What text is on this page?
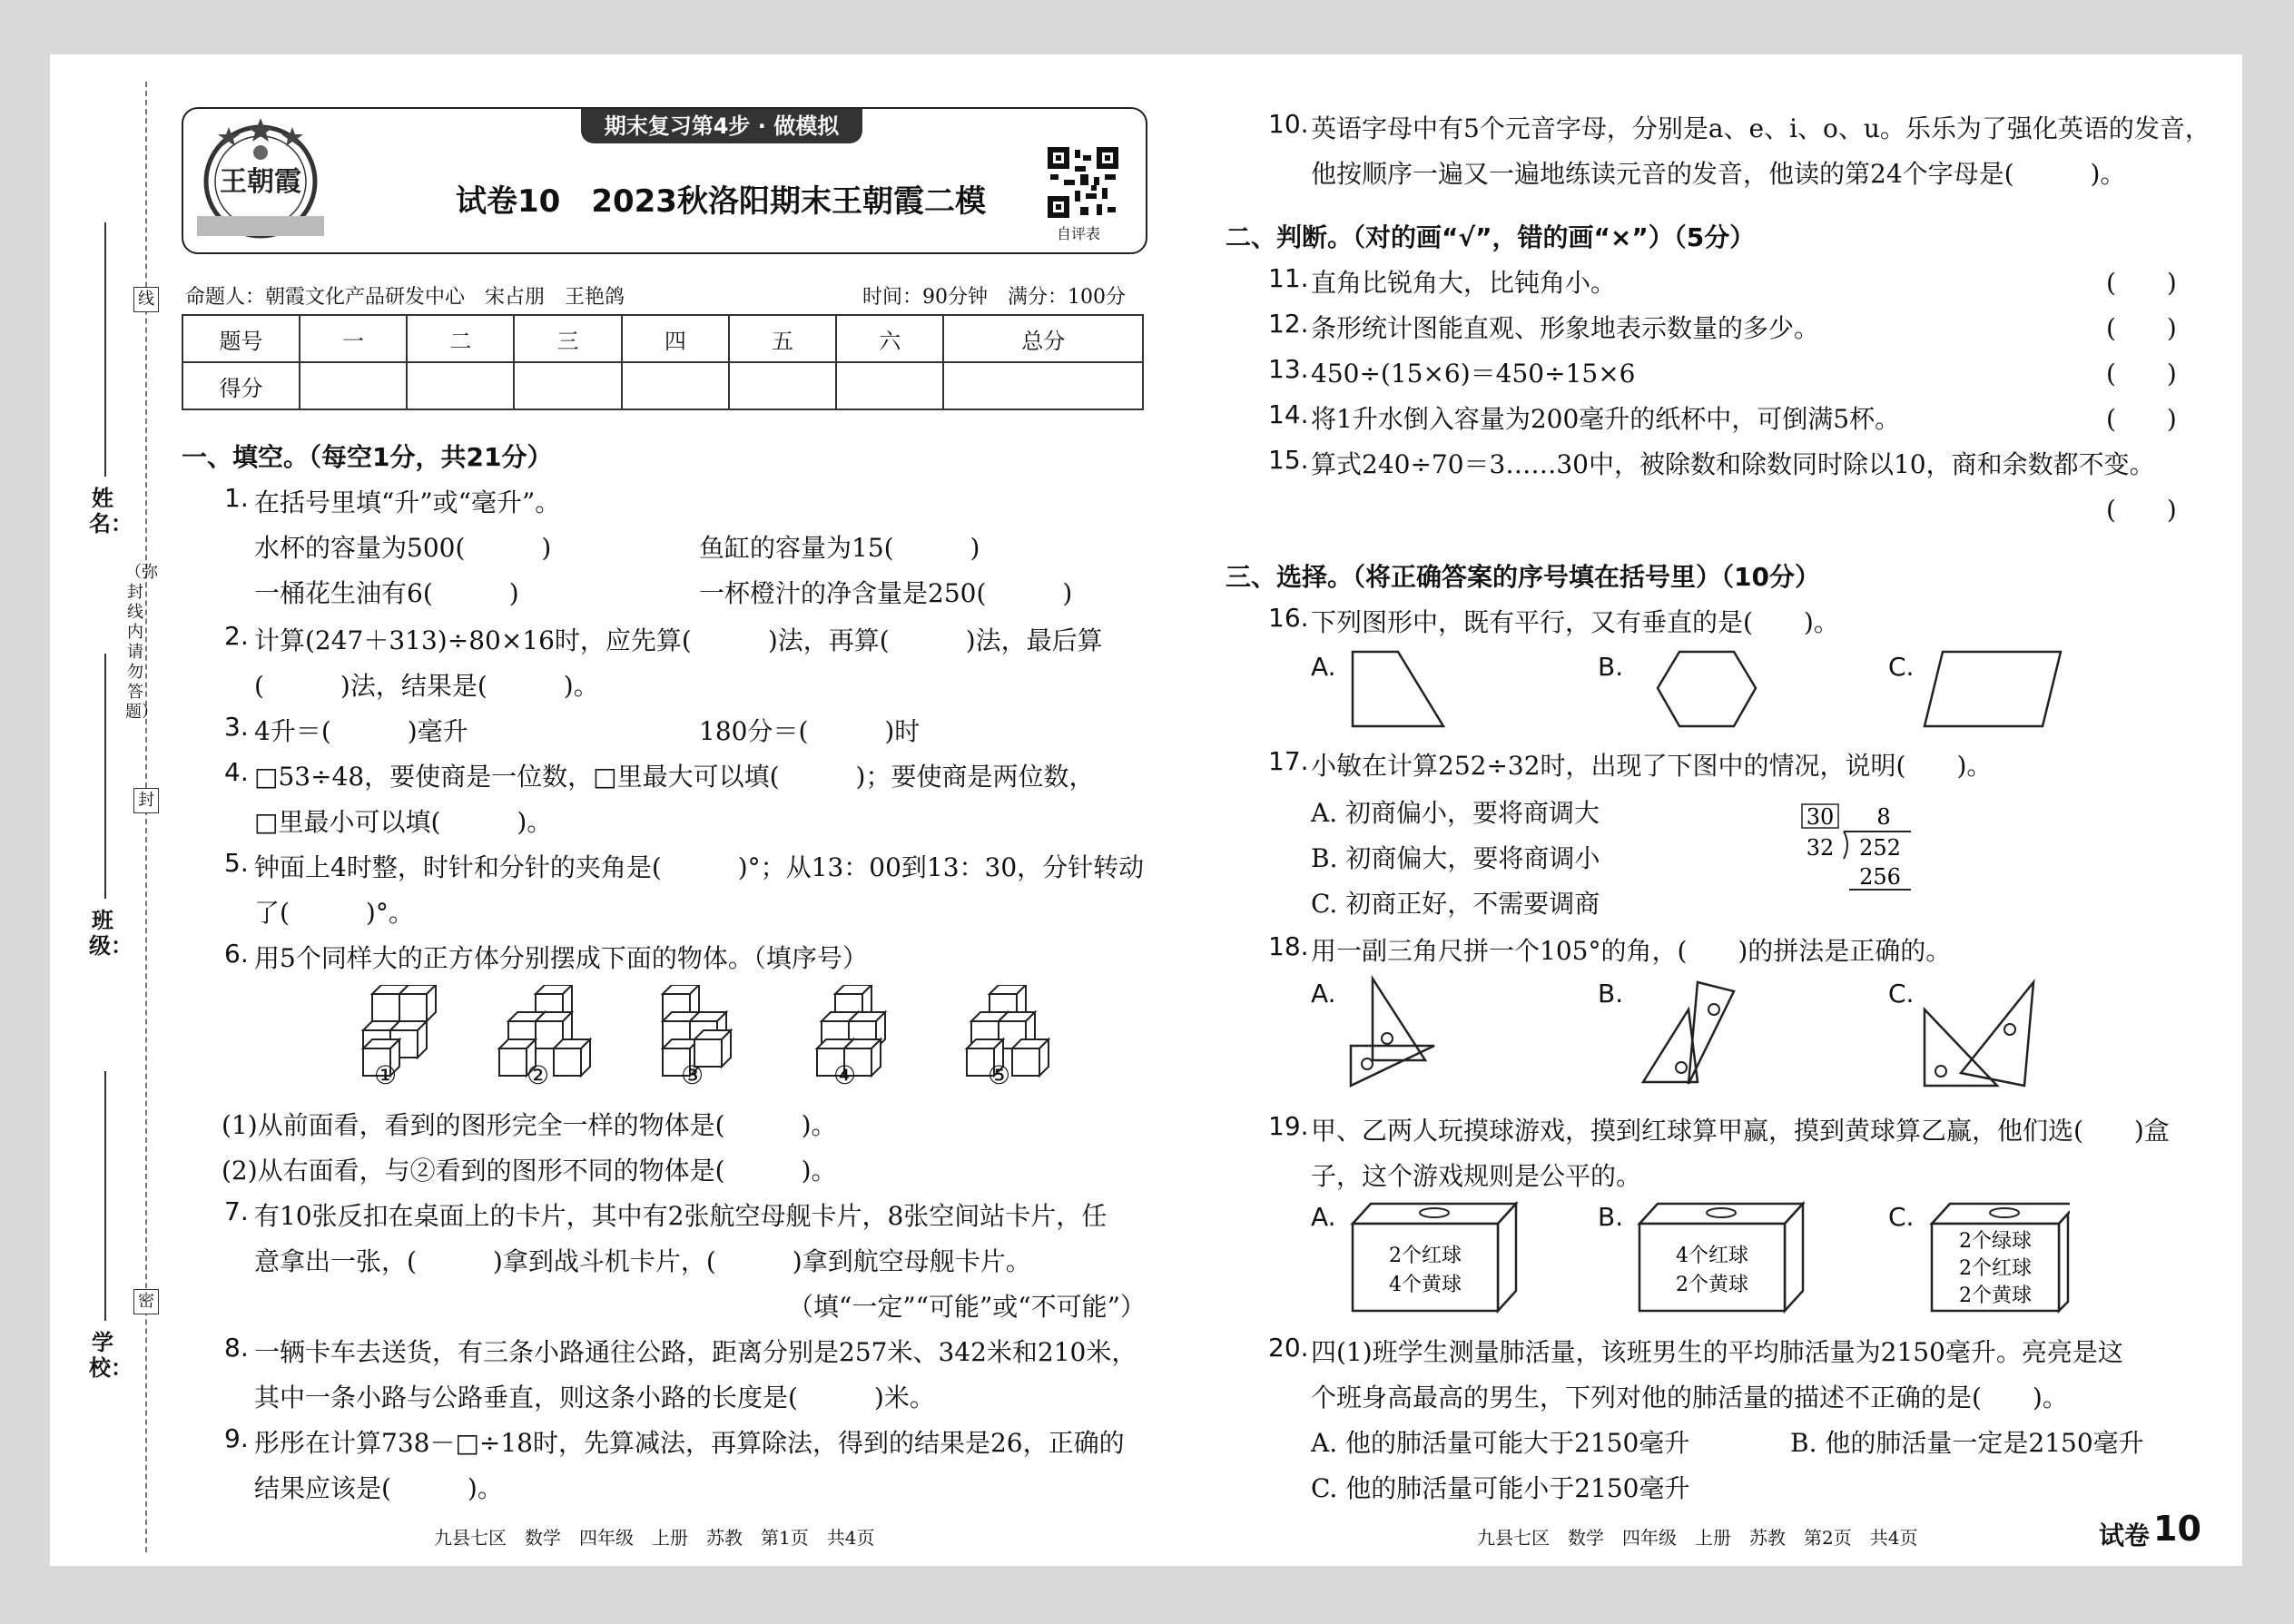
线
封
密
（弥封线内请勿答题）
姓名：
班级：
学校：
期末复习第4步 · 做模拟
王朝霞
试卷10　2023秋洛阳期末王朝霞二模
自评表
命题人：朝霞文化产品研发中心　宋占朋　王艳鸽	时间：90分钟　满分：100分
题号	一	二	三	四	五	六	总分
得分							
一、填空。（每空1分，共21分）
1. 在括号里填“升”或“毫升”。
水杯的容量为500(　　　)	鱼缸的容量为15(　　　)
一桶花生油有6(　　　)	一杯橙汁的净含量是250(　　　)
2. 计算(247＋313)÷80×16时，应先算(　　　)法，再算(　　　)法，最后算
(　　　)法，结果是(　　　)。
3. 4升＝(　　　)毫升	180分＝(　　　)时
4. □53÷48，要使商是一位数，□里最大可以填(　　　)；要使商是两位数，
□里最小可以填(　　　)。
5. 钟面上4时整，时针和分针的夹角是(　　　)°；从13：00到13：30，分针转动
了(　　　)°。
6. 用5个同样大的正方体分别摆成下面的物体。（填序号）
①	②	③	④	⑤
(1)从前面看，看到的图形完全一样的物体是(　　　)。
(2)从右面看，与②看到的图形不同的物体是(　　　)。
7. 有10张反扣在桌面上的卡片，其中有2张航空母舰卡片，8张空间站卡片，任
意拿出一张，(　　　)拿到战斗机卡片，(　　　)拿到航空母舰卡片。
（填“一定”“可能”或“不可能”）
8. 一辆卡车去送货，有三条小路通往公路，距离分别是257米、342米和210米，
其中一条小路与公路垂直，则这条小路的长度是(　　　)米。
9. 彤彤在计算738－□÷18时，先算减法，再算除法，得到的结果是26，正确的
结果应该是(　　　)。
九县七区　数学　四年级　上册　苏教　第1页　共4页
10. 英语字母中有5个元音字母，分别是a、e、i、o、u。乐乐为了强化英语的发音，
他按顺序一遍又一遍地练读元音的发音，他读的第24个字母是(　　　)。
二、判断。（对的画“√”，错的画“×”）（5分）
11. 直角比锐角大，比钝角小。	(　　)
12. 条形统计图能直观、形象地表示数量的多少。	(　　)
13. 450÷(15×6)＝450÷15×6	(　　)
14. 将1升水倒入容量为200毫升的纸杯中，可倒满5杯。	(　　)
15. 算式240÷70＝3……30中，被除数和除数同时除以10，商和余数都不变。
(　　)
三、选择。（将正确答案的序号填在括号里）（10分）
16. 下列图形中，既有平行，又有垂直的是(　　)。
A.	B.	C.
17. 小敏在计算252÷32时，出现了下图中的情况，说明(　　)。
A. 初商偏小，要将商调大
B. 初商偏大，要将商调小
C. 初商正好，不需要调商
30 8
32 252
256
18. 用一副三角尺拼一个105°的角，(　　)的拼法是正确的。
A.	B.	C.
19. 甲、乙两人玩摸球游戏，摸到红球算甲赢，摸到黄球算乙赢，他们选(　　)盒
子，这个游戏规则是公平的。
A.	B.	C.
2个红球
4个黄球
4个红球
2个黄球
2个绿球
2个红球
2个黄球
20. 四(1)班学生测量肺活量，该班男生的平均肺活量为2150毫升。亮亮是这
个班身高最高的男生，下列对他的肺活量的描述不正确的是(　　)。
A. 他的肺活量可能大于2150毫升	B. 他的肺活量一定是2150毫升
C. 他的肺活量可能小于2150毫升
九县七区　数学　四年级　上册　苏教　第2页　共4页	试卷 10
